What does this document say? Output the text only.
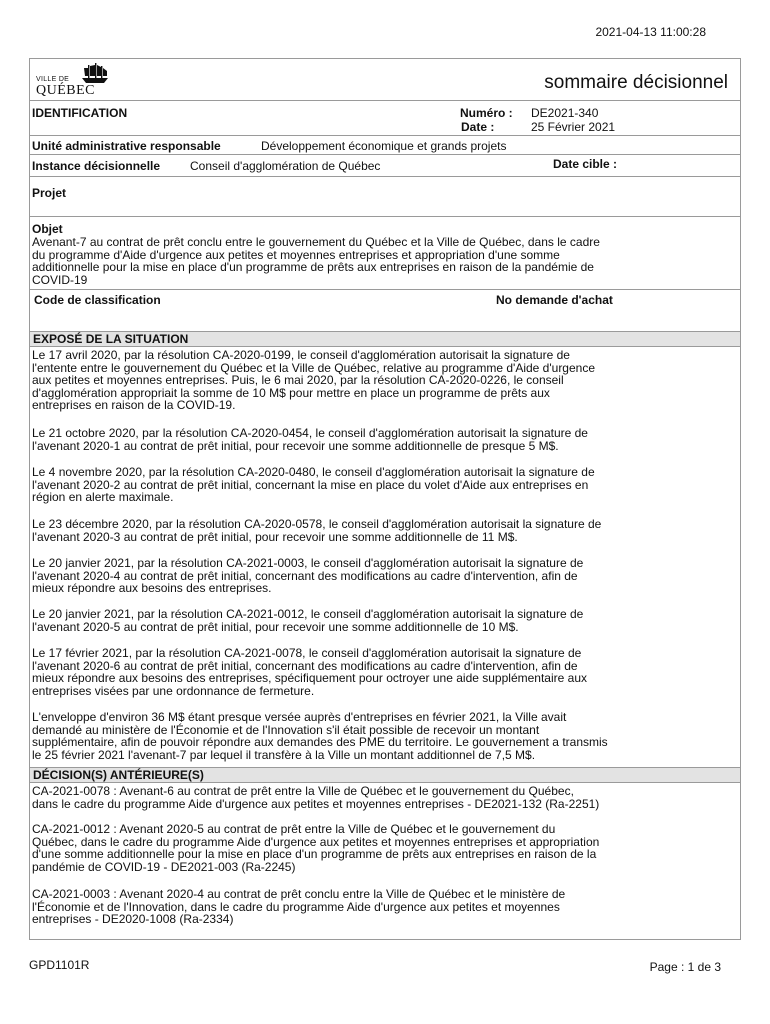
2021-04-13 11:00:28
VILLE DE
QUÉBEC	sommaire décisionnel
IDENTIFICATION	Numéro : DE2021-340
Date :	25 Février 2021
Unité administrative responsable	Développement économique et grands projets
Instance décisionnelle Conseil d'agglomération de Québec	Date cible :
Projet
Objet
Avenant-7 au contrat de prêt conclu entre le gouvernement du Québec et la Ville de Québec, dans le cadre
du programme d'Aide d'urgence aux petites et moyennes entreprises et appropriation d'une somme
additionnelle pour la mise en place d'un programme de prêts aux entreprises en raison de la pandémie de
COVID-19
Code de classification	No demande d'achat
EXPOSÉ DE LA SITUATION
Le 17 avril 2020, par la résolution CA-2020-0199, le conseil d'agglomération autorisait la signature de
l'entente entre le gouvernement du Québec et la Ville de Québec, relative au programme d'Aide d'urgence
aux petites et moyennes entreprises. Puis, le 6 mai 2020, par la résolution CA-2020-0226, le conseil
d'agglomération appropriait la somme de 10 M$ pour mettre en place un programme de prêts aux
entreprises en raison de la COVID-19.
Le 21 octobre 2020, par la résolution CA-2020-0454, le conseil d'agglomération autorisait la signature de
l'avenant 2020-1 au contrat de prêt initial, pour recevoir une somme additionnelle de presque 5 M$.
Le 4 novembre 2020, par la résolution CA-2020-0480, le conseil d'agglomération autorisait la signature de
l'avenant 2020-2 au contrat de prêt initial, concernant la mise en place du volet d'Aide aux entreprises en
région en alerte maximale.
Le 23 décembre 2020, par la résolution CA-2020-0578, le conseil d'agglomération autorisait la signature de
l'avenant 2020-3 au contrat de prêt initial, pour recevoir une somme additionnelle de 11 M$.
Le 20 janvier 2021, par la résolution CA-2021-0003, le conseil d'agglomération autorisait la signature de
l'avenant 2020-4 au contrat de prêt initial, concernant des modifications au cadre d'intervention, afin de
mieux répondre aux besoins des entreprises.
Le 20 janvier 2021, par la résolution CA-2021-0012, le conseil d'agglomération autorisait la signature de
l'avenant 2020-5 au contrat de prêt initial, pour recevoir une somme additionnelle de 10 M$.
Le 17 février 2021, par la résolution CA-2021-0078, le conseil d'agglomération autorisait la signature de
l'avenant 2020-6 au contrat de prêt initial, concernant des modifications au cadre d'intervention, afin de
mieux répondre aux besoins des entreprises, spécifiquement pour octroyer une aide supplémentaire aux
entreprises visées par une ordonnance de fermeture.
L'enveloppe d'environ 36 M$ étant presque versée auprès d'entreprises en février 2021, la Ville avait
demandé au ministère de l'Économie et de l'Innovation s'il était possible de recevoir un montant
supplémentaire, afin de pouvoir répondre aux demandes des PME du territoire. Le gouvernement a transmis
le 25 février 2021 l'avenant-7 par lequel il transfère à la Ville un montant additionnel de 7,5 M$.
DÉCISION(S) ANTÉRIEURE(S)
CA-2021-0078 : Avenant-6 au contrat de prêt entre la Ville de Québec et le gouvernement du Québec,
dans le cadre du programme Aide d'urgence aux petites et moyennes entreprises - DE2021-132 (Ra-2251)
CA-2021-0012 : Avenant 2020-5 au contrat de prêt entre la Ville de Québec et le gouvernement du
Québec, dans le cadre du programme Aide d'urgence aux petites et moyennes entreprises et appropriation
d'une somme additionnelle pour la mise en place d'un programme de prêts aux entreprises en raison de la
pandémie de COVID-19 - DE2021-003 (Ra-2245)
CA-2021-0003 : Avenant 2020-4 au contrat de prêt conclu entre la Ville de Québec et le ministère de
l'Économie et de l'Innovation, dans le cadre du programme Aide d'urgence aux petites et moyennes
entreprises - DE2020-1008 (Ra-2334)
GPD1101R	Page : 1 de 3
